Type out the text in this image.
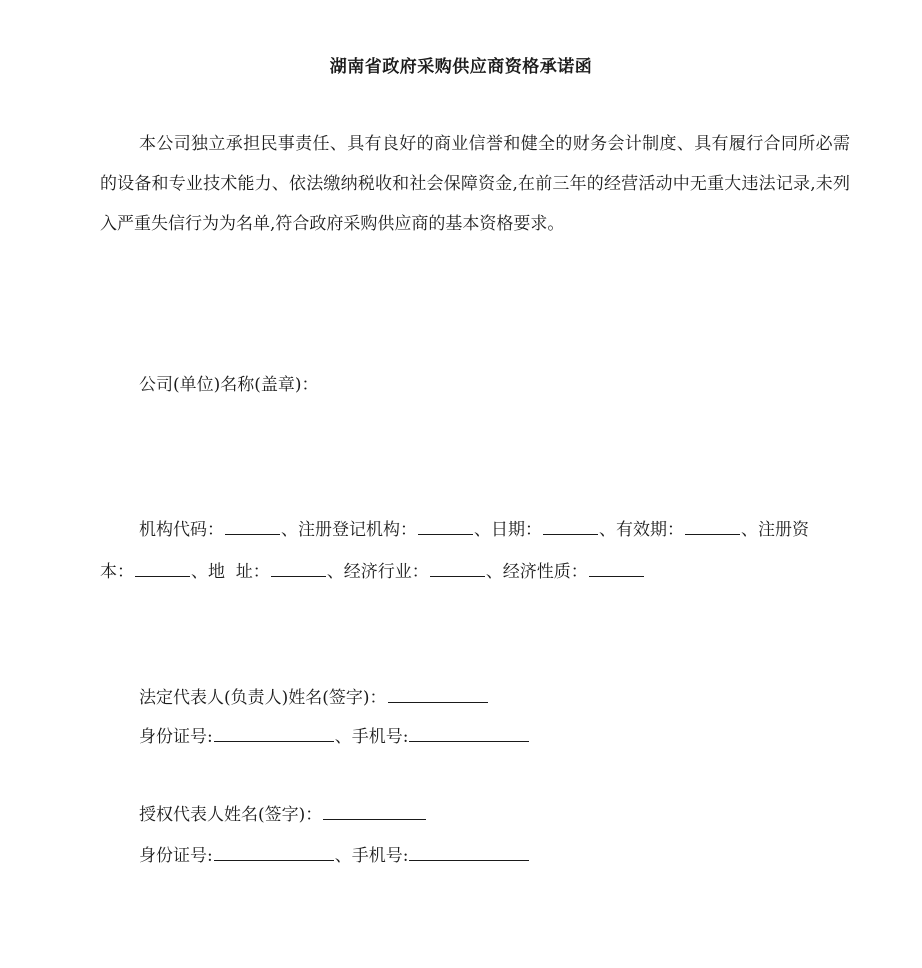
湖南省政府采购供应商资格承诺函

本公司独立承担民事责任、具有良好的商业信誉和健全的财务会计制度、具有履行合同所必需的设备和专业技术能力、依法缴纳税收和社会保障资金,在前三年的经营活动中无重大违法记录,未列入严重失信行为为名单,符合政府采购供应商的基本资格要求。

公司(单位)名称(盖章)：
机构代码：	、注册登记机构：	、日期：	、有效期：	、注册资
本：	、地  址：	、经济行业：	、经济性质：
法定代表人(负责人)姓名(签字)：
身份证号:	、手机号:
授权代表人姓名(签字)：
身份证号:	、手机号:
